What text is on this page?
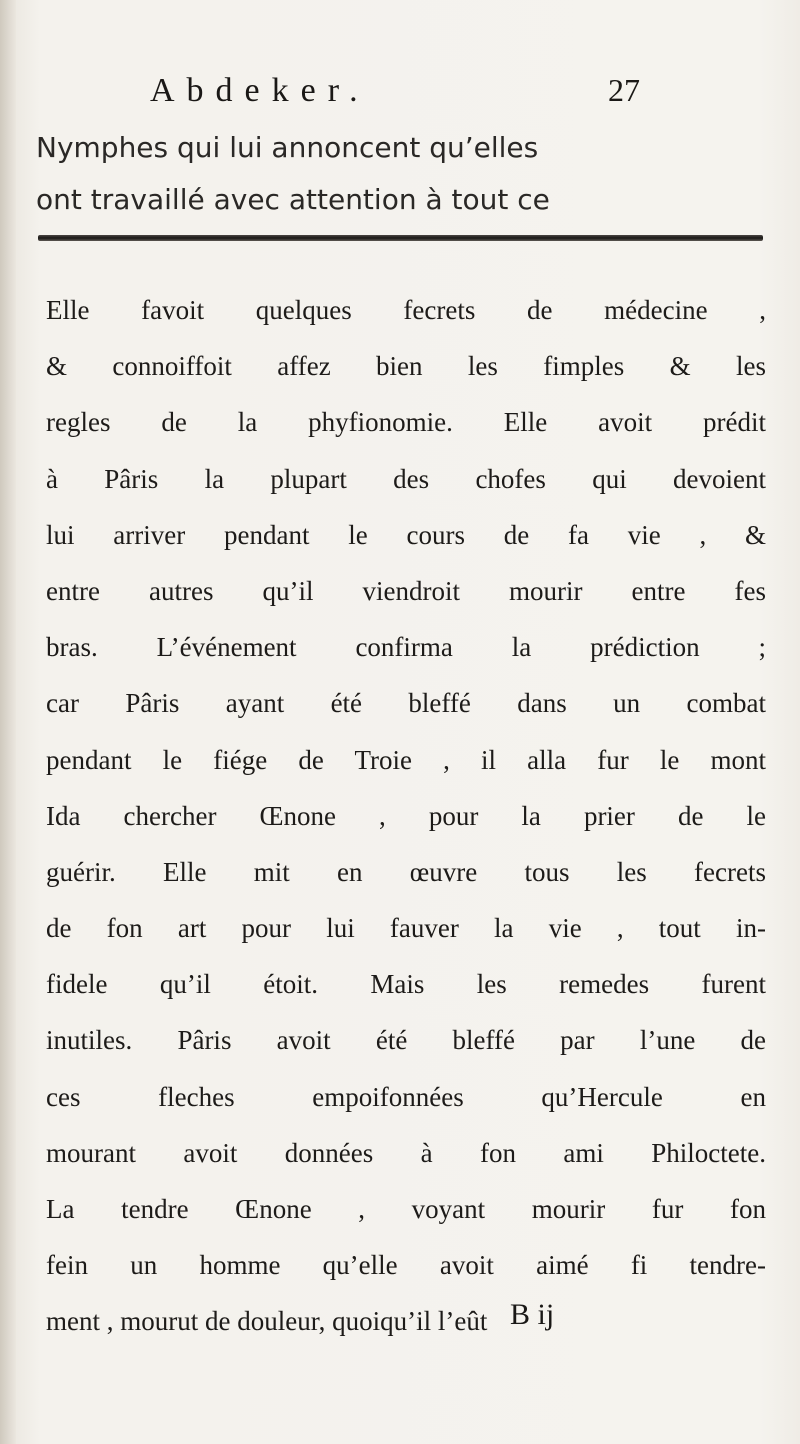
Abdeker.	27
Nymphes qui lui annoncent qu’elles
ont travaillé avec attention à tout ce
Elle favoit quelques fecrets de médecine ,
& connoiffoit affez bien les fimples & les
regles de la phyfionomie. Elle avoit prédit
à Pâris la plupart des chofes qui devoient
lui arriver pendant le cours de fa vie , &
entre autres qu’il viendroit mourir entre fes
bras. L’événement confirma la prédiction ;
car Pâris ayant été bleffé dans un combat
pendant le fiége de Troie , il alla fur le mont
Ida chercher Œnone , pour la prier de le
guérir. Elle mit en œuvre tous les fecrets
de fon art pour lui fauver la vie , tout in-
fidele qu’il étoit. Mais les remedes furent
inutiles. Pâris avoit été bleffé par l’une de
ces fleches empoifonnées qu’Hercule en
mourant avoit données à fon ami Philoctete.
La tendre Œnone , voyant mourir fur fon
fein un homme qu’elle avoit aimé fi tendre-
ment , mourut de douleur, quoiqu’il l’eût B ij
